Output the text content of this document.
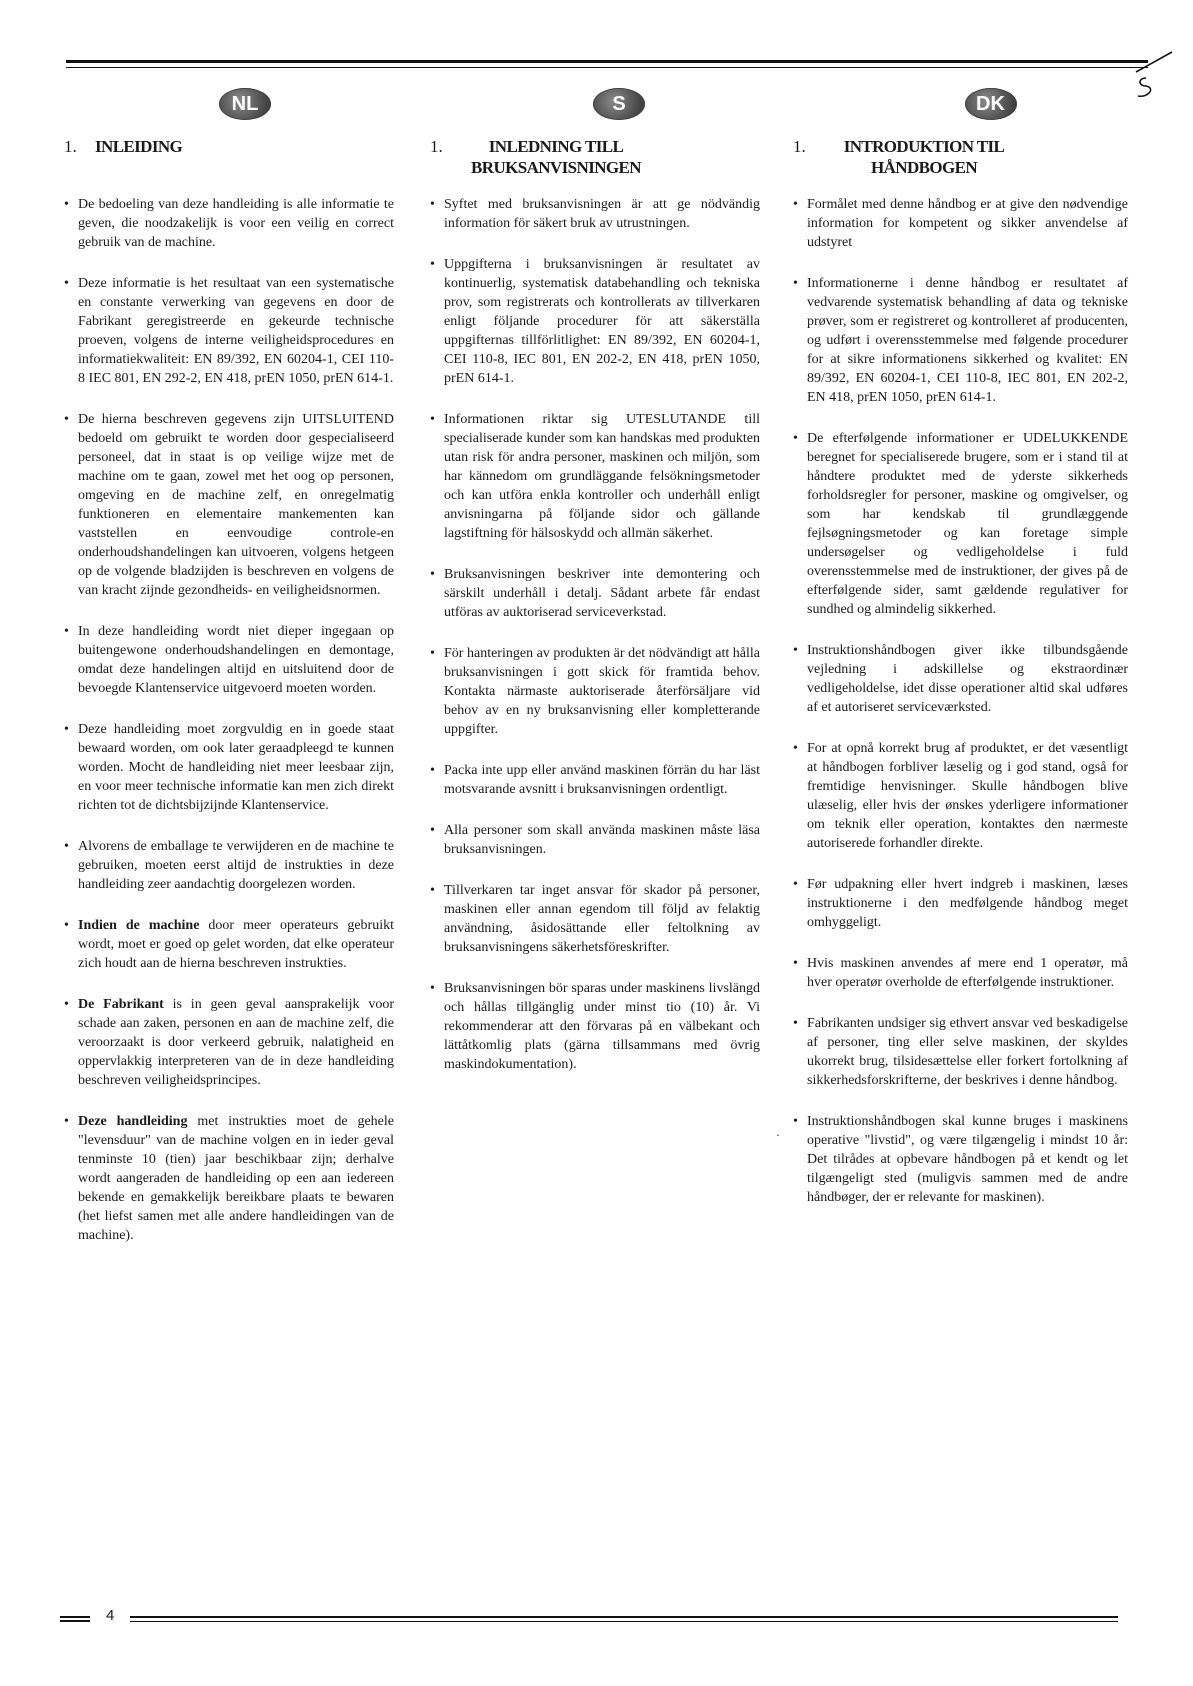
NL
1. INLEIDING

• De bedoeling van deze handleiding is alle informatie te geven, die noodzakelijk is voor een veilig en correct gebruik van de machine.

• Deze informatie is het resultaat van een systematische en constante verwerking van gegevens en door de Fabrikant geregistreerde en gekeurde technische proeven, volgens de interne veiligheidsprocedures en informatiekwaliteit: EN 89/392, EN 60204-1, CEI 110-8 IEC 801, EN 292-2, EN 418, prEN 1050, prEN 614-1.

• De hierna beschreven gegevens zijn UITSLUITEND bedoeld om gebruikt te worden door gespecialiseerd personeel, dat in staat is op veilige wijze met de machine om te gaan, zowel met het oog op personen, omgeving en de machine zelf, en onregelmatig funktioneren en elementaire mankementen kan vaststellen en eenvoudige controle-en onderhoudshandelingen kan uitvoeren, volgens hetgeen op de volgende bladzijden is beschreven en volgens de van kracht zijnde gezondheids- en veiligheidsnormen.

• In deze handleiding wordt niet dieper ingegaan op buitengewone onderhoudshandelingen en demontage, omdat deze handelingen altijd en uitsluitend door de bevoegde Klantenservice uitgevoerd moeten worden.

• Deze handleiding moet zorgvuldig en in goede staat bewaard worden, om ook later geraadpleegd te kunnen worden. Mocht de handleiding niet meer leesbaar zijn, en voor meer technische informatie kan men zich direkt richten tot de dichtsbijzijnde Klantenservice.

• Alvorens de emballage te verwijderen en de machine te gebruiken, moeten eerst altijd de instrukties in deze handleiding zeer aandachtig doorgelezen worden.

• Indien de machine door meer operateurs gebruikt wordt, moet er goed op gelet worden, dat elke operateur zich houdt aan de hierna beschreven instrukties.

• De Fabrikant is in geen geval aansprakelijk voor schade aan zaken, personen en aan de machine zelf, die veroorzaakt is door verkeerd gebruik, nalatigheid en oppervlakkig interpreteren van de in deze handleiding beschreven veiligheidsprincipes.

• Deze handleiding met instrukties moet de gehele "levensduur" van de machine volgen en in ieder geval tenminste 10 (tien) jaar beschikbaar zijn; derhalve wordt aangeraden de handleiding op een aan iedereen bekende en gemakkelijk bereikbare plaats te bewaren (het liefst samen met alle andere handleidingen van de machine).

S
1.	INLEDNING TILL BRUKSANVISNINGEN

• Syftet med bruksanvisningen är att ge nödvändig information för säkert bruk av utrustningen.

• Uppgifterna i bruksanvisningen är resultatet av kontinuerlig, systematisk databehandling och tekniska prov, som registrerats och kontrollerats av tillverkaren enligt följande procedurer för att säkerställa uppgifternas tillförlitlighet: EN 89/392, EN 60204-1, CEI 110-8, IEC 801, EN 202-2, EN 418, prEN 1050, prEN 614-1.

• Informationen riktar sig UTESLUTANDE till specialiserade kunder som kan handskas med produkten utan risk för andra personer, maskinen och miljön, som har kännedom om grundläggande felsökningsmetoder och kan utföra enkla kontroller och underhåll enligt anvisningarna på följande sidor och gällande lagstiftning för hälsoskydd och allmän säkerhet.

• Bruksanvisningen beskriver inte demontering och särskilt underhåll i detalj. Sådant arbete får endast utföras av auktoriserad serviceverkstad.

• För hanteringen av produkten är det nödvändigt att hålla bruksanvisningen i gott skick för framtida behov. Kontakta närmaste auktoriserade återförsäljare vid behov av en ny bruksanvisning eller kompletterande uppgifter.

• Packa inte upp eller använd maskinen förrän du har läst motsvarande avsnitt i bruksanvisningen ordentligt.

• Alla personer som skall använda maskinen måste läsa bruksanvisningen.

• Tillverkaren tar inget ansvar för skador på personer, maskinen eller annan egendom till följd av felaktig användning, åsidosättande eller feltolkning av bruksanvisningens säkerhetsföreskrifter.

• Bruksanvisningen bör sparas under maskinens livslängd och hållas tillgänglig under minst tio (10) år. Vi rekommenderar att den förvaras på en välbekant och lättåtkomlig plats (gärna tillsammans med övrig maskindokumentation).

DK
1. INTRODUKTION TIL HÅNDBOGEN

• Formålet med denne håndbog er at give den nødvendige information for kompetent og sikker anvendelse af udstyret

• Informationerne i denne håndbog er resultatet af vedvarende systematisk behandling af data og tekniske prøver, som er registreret og kontrolleret af producenten, og udført i overensstemmelse med følgende procedurer for at sikre informationens sikkerhed og kvalitet: EN 89/392, EN 60204-1, CEI 110-8, IEC 801, EN 202-2, EN 418, prEN 1050, prEN 614-1.

• De efterfølgende informationer er UDELUKKENDE beregnet for specialiserede brugere, som er i stand til at håndtere produktet med de yderste sikkerheds forholdsregler for personer, maskine og omgivelser, og som har kendskab til grundlæggende fejlsøgningsmetoder og kan foretage simple undersøgelser og vedligeholdelse i fuld overensstemmelse med de instruktioner, der gives på de efterfølgende sider, samt gældende regulativer for sundhed og almindelig sikkerhed.

• Instruktionshåndbogen giver ikke tilbundsgående vejledning i adskillelse og ekstraordinær vedligeholdelse, idet disse operationer altid skal udføres af et autoriseret serviceværksted.

• For at opnå korrekt brug af produktet, er det væsentligt at håndbogen forbliver læselig og i god stand, også for fremtidige henvisninger. Skulle håndbogen blive ulæselig, eller hvis der ønskes yderligere informationer om teknik eller operation, kontaktes den nærmeste autoriserede forhandler direkte.

• Før udpakning eller hvert indgreb i maskinen, læses instruktionerne i den medfølgende håndbog meget omhyggeligt.

• Hvis maskinen anvendes af mere end 1 operatør, må hver operatør overholde de efterfølgende instruktioner.

• Fabrikanten undsiger sig ethvert ansvar ved beskadigelse af personer, ting eller selve maskinen, der skyldes ukorrekt brug, tilsidesættelse eller forkert fortolkning af sikkerhedsforskrifterne, der beskrives i denne håndbog.

• Instruktionshåndbogen skal kunne bruges i maskinens operative "livstid", og være tilgængelig i mindst 10 år: Det tilrådes at opbevare håndbogen på et kendt og let tilgængeligt sted (muligvis sammen med de andre håndbøger, der er relevante for maskinen).

·
4
